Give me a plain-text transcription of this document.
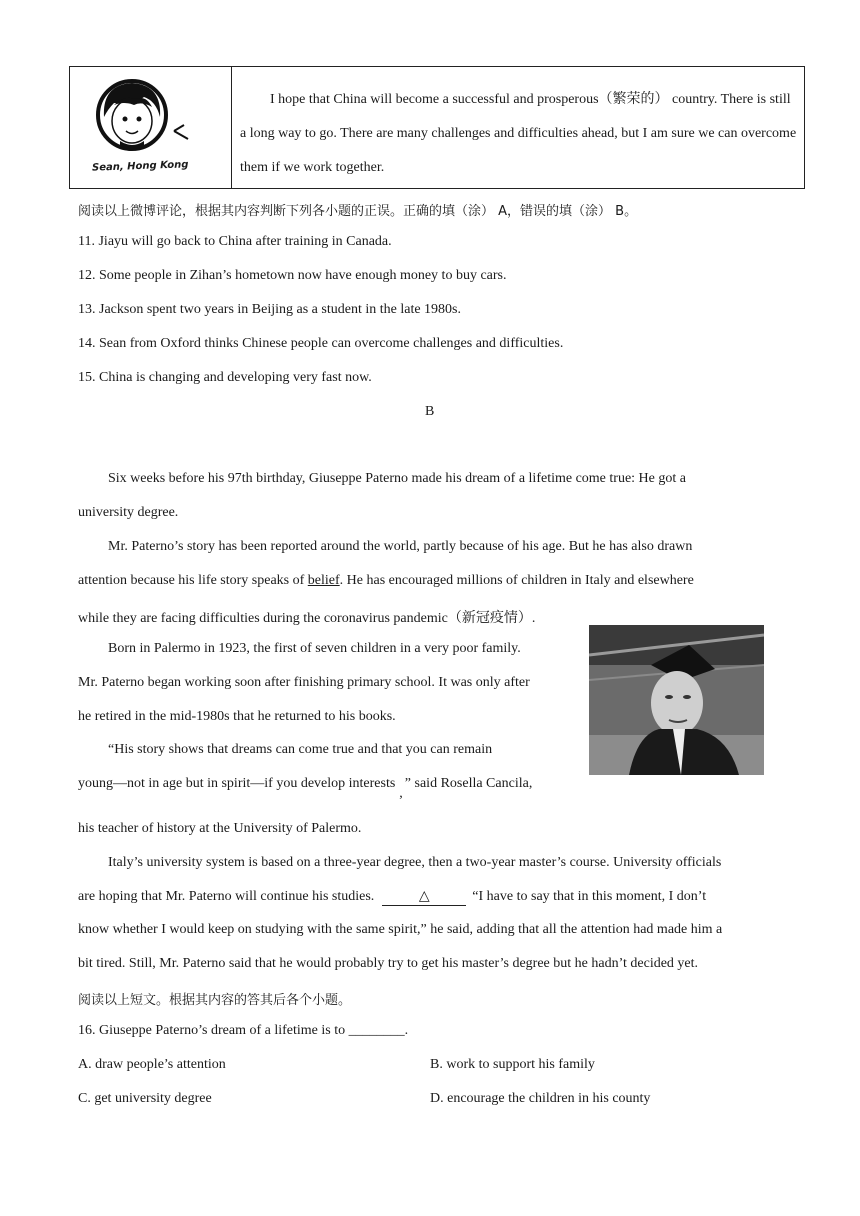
Sean, Hong Kong
I hope that China will become a successful and prosperous（繁荣的） country. There is still a long way to go. There are many challenges and difficulties ahead, but I am sure we can overcome them if we work together.
阅读以上微博评论，根据其内容判断下列各小题的正误。正确的填（涂） A，错误的填（涂） B。
11. Jiayu will go back to China after training in Canada.
12. Some people in Zihan’s hometown now have enough money to buy cars.
13. Jackson spent two years in Beijing as a student in the late 1980s.
14. Sean from Oxford thinks Chinese people can overcome challenges and difficulties.
15. China is changing and developing very fast now.
B
Six weeks before his 97th birthday, Giuseppe Paterno made his dream of a lifetime come true: He got a
university degree.
Mr. Paterno’s story has been reported around the world, partly because of his age. But he has also drawn
attention because his life story speaks of belief. He has encouraged millions of children in Italy and elsewhere
while they are facing difficulties during the coronavirus pandemic（新冠疫情）.
Born in Palermo in 1923, the first of seven children in a very poor family.
Mr. Paterno began working soon after finishing primary school. It was only after
he retired in the mid-1980s that he returned to his books.
“His story shows that dreams can come true and that you can remain
young—not in age but in spirit—if you develop interests,” said Rosella Cancila,
his teacher of history at the University of Palermo.
Italy’s university system is based on a three-year degree, then a two-year master’s course. University officials
are hoping that Mr. Paterno will continue his studies.	△	“I have to say that in this moment, I don’t
know whether I would keep on studying with the same spirit,” he said, adding that all the attention had made him a
bit tired. Still, Mr. Paterno said that he would probably try to get his master’s degree but he hadn’t decided yet.
阅读以上短文。根据其内容的答其后各个小题。
16. Giuseppe Paterno’s dream of a lifetime is to ________.
A. draw people’s attention	B. work to support his family
C. get university degree	D. encourage the children in his county
